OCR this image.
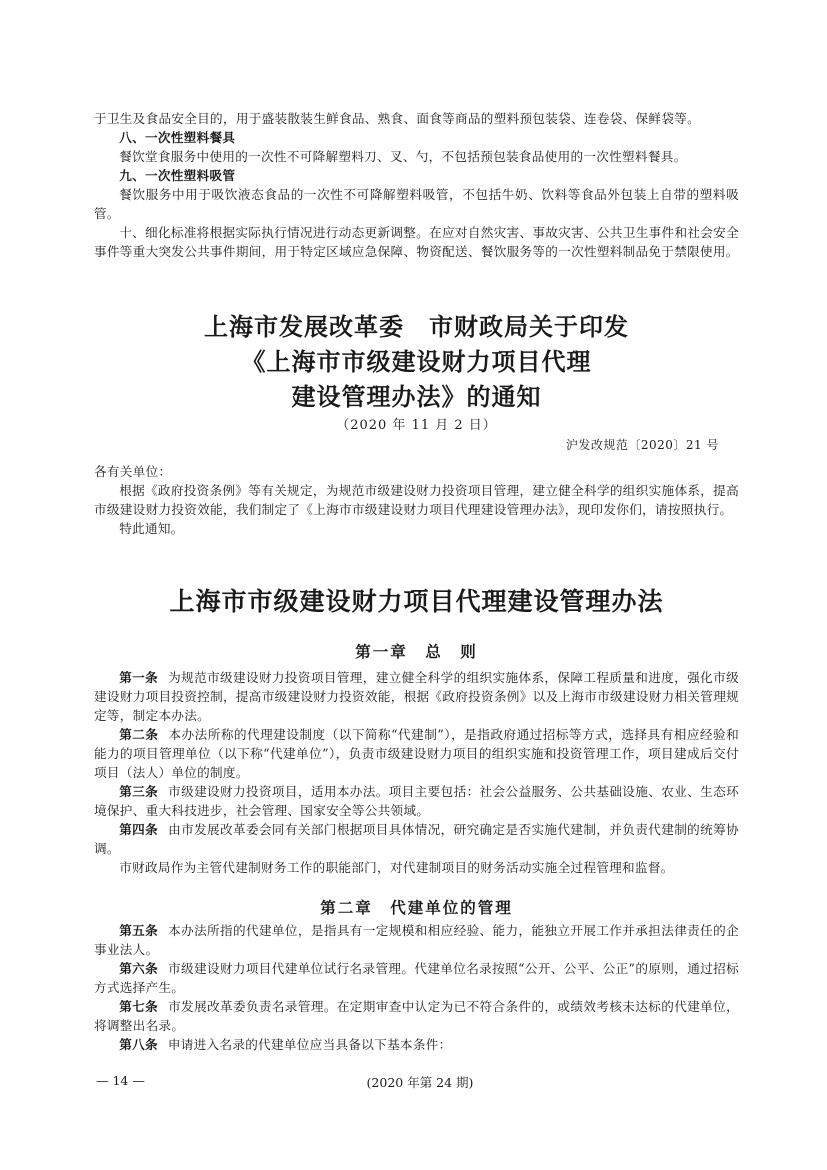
于卫生及食品安全目的，用于盛装散装生鲜食品、熟食、面食等商品的塑料预包装袋、连卷袋、保鲜袋等。

八、一次性塑料餐具

餐饮堂食服务中使用的一次性不可降解塑料刀、叉、勺，不包括预包装食品使用的一次性塑料餐具。

九、一次性塑料吸管

餐饮服务中用于吸饮液态食品的一次性不可降解塑料吸管，不包括牛奶、饮料等食品外包装上自带的塑料吸管。

十、细化标准将根据实际执行情况进行动态更新调整。在应对自然灾害、事故灾害、公共卫生事件和社会安全事件等重大突发公共事件期间，用于特定区域应急保障、物资配送、餐饮服务等的一次性塑料制品免于禁限使用。

上海市发展改革委　市财政局关于印发
《上海市市级建设财力项目代理
建设管理办法》的通知
（2020 年 11 月 2 日）
沪发改规范〔2020〕21 号

各有关单位：

根据《政府投资条例》等有关规定，为规范市级建设财力投资项目管理，建立健全科学的组织实施体系，提高市级建设财力投资效能，我们制定了《上海市市级建设财力项目代理建设管理办法》，现印发你们，请按照执行。

特此通知。

上海市市级建设财力项目代理建设管理办法

第一章　总　则

第一条 为规范市级建设财力投资项目管理，建立健全科学的组织实施体系，保障工程质量和进度，强化市级建设财力项目投资控制，提高市级建设财力投资效能，根据《政府投资条例》以及上海市市级建设财力相关管理规定等，制定本办法。

第二条 本办法所称的代理建设制度（以下简称“代建制”），是指政府通过招标等方式，选择具有相应经验和能力的项目管理单位（以下称“代建单位”），负责市级建设财力项目的组织实施和投资管理工作，项目建成后交付项目（法人）单位的制度。

第三条 市级建设财力投资项目，适用本办法。项目主要包括：社会公益服务、公共基础设施、农业、生态环境保护、重大科技进步，社会管理、国家安全等公共领域。

第四条 由市发展改革委会同有关部门根据项目具体情况，研究确定是否实施代建制，并负责代建制的统筹协调。

市财政局作为主管代建制财务工作的职能部门，对代建制项目的财务活动实施全过程管理和监督。

第二章　代建单位的管理

第五条 本办法所指的代建单位，是指具有一定规模和相应经验、能力，能独立开展工作并承担法律责任的企事业法人。

第六条 市级建设财力项目代建单位试行名录管理。代建单位名录按照“公开、公平、公正”的原则，通过招标方式选择产生。

第七条 市发展改革委负责名录管理。在定期审查中认定为已不符合条件的，或绩效考核未达标的代建单位，将调整出名录。

第八条 申请进入名录的代建单位应当具备以下基本条件：

— 14 —	(2020 年第 24 期)
